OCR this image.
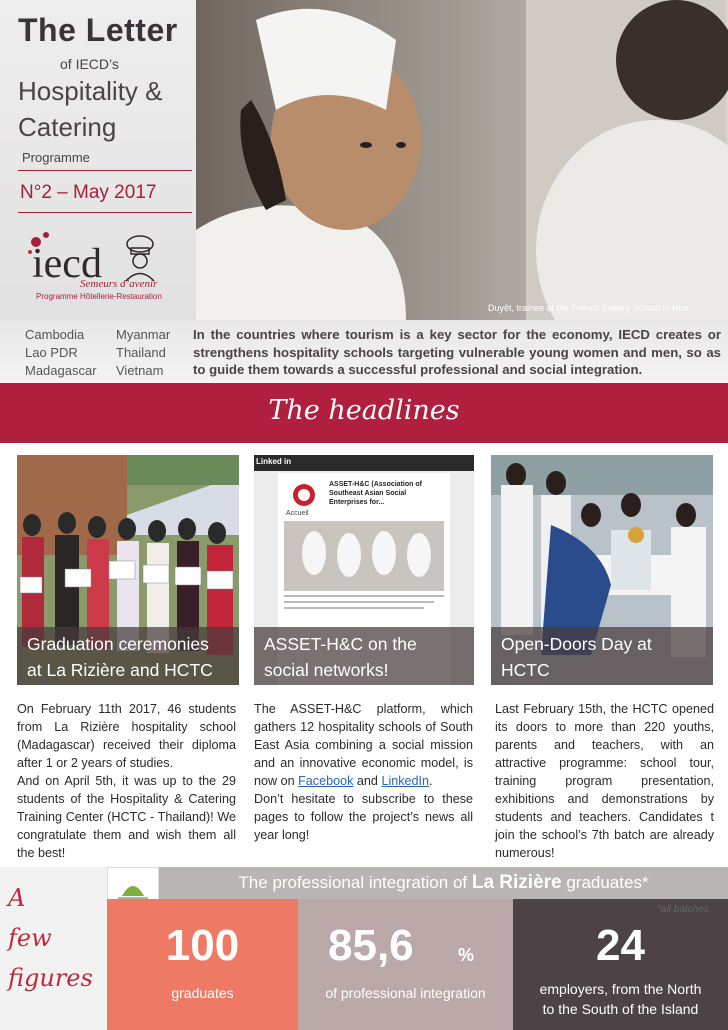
The Letter
of IECD’s
Hospitality &
Catering
Programme
N°2 – May 2017
iecd
Semeurs d’avenir
Programme Hôtellerie-Restauration
Duyệt, trainee at the French Bakery School in Hue
Cambodia
Lao PDR
Madagascar
Myanmar
Thailand
Vietnam
In the countries where tourism is a key sector for the economy, IECD creates or strengthens hospitality schools targeting vulnerable young women and men, so as to guide them towards a successful professional and social integration.
The headlines
Graduation ceremonies
at La Rizière and HCTC

On February 11th 2017, 46 students from La Rizière hospitality school (Madagascar) received their diploma after 1 or 2 years of studies.

And on April 5th, it was up to the 29 students of the Hospitality & Catering Training Center (HCTC - Thailand)! We congratulate them and wish them all the best!

Linked in
ASSET-H&C (Association of Southeast Asian Social Enterprises for...
Accueil
ASSET-H&C on the
social networks!

The ASSET-H&C platform, which gathers 12 hospitality schools of South East Asia combining a social mission and an innovative economic model, is now on Facebook and LinkedIn.

Don’t hesitate to subscribe to these pages to follow the project’s news all year long!

Open-Doors Day at
HCTC

Last February 15th, the HCTC opened its doors to more than 220 youths, parents and teachers, with an attractive programme: school tour, training program presentation, exhibitions and demonstrations by students and teachers. Candidates t join the school’s 7th batch are already numerous!

A
few
figures
The professional integration of La Rizière graduates*
100
graduates
85,6 %
of professional integration
24
employers, from the North
to the South of the Island
*all batches
